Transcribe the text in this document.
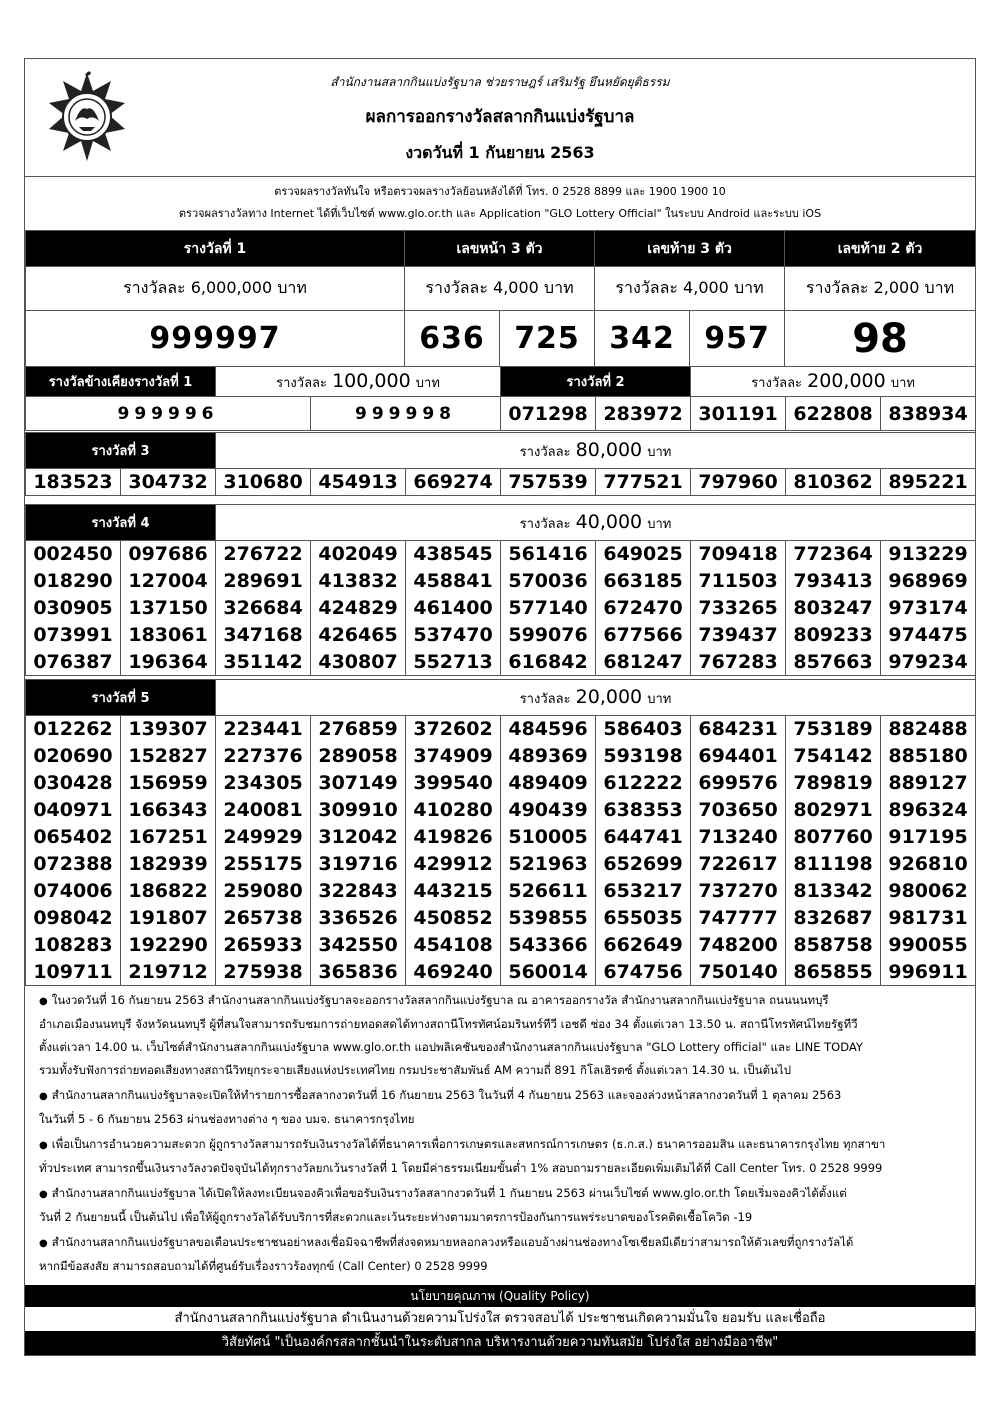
สำนักงานสลากกินแบ่งรัฐบาล ช่วยราษฎร์ เสริมรัฐ ยึนหยัดยุติธรรม
ผลการออกรางวัลสลากกินแบ่งรัฐบาล
งวดวันที่ 1 กันยายน 2563
ตรวจผลรางวัลทันใจ หรือตรวจผลรางวัลย้อนหลังได้ที่ โทร. 0 2528 8899 และ 1900 1900 10
ตรวจผลรางวัลทาง Internet ได้ที่เว็บไซต์ www.glo.or.th และ Application "GLO Lottery Official" ในระบบ Android และระบบ iOS
รางวัลที่ 1	เลขหน้า 3 ตัว		เลขท้าย 3 ตัว		เลขท้าย 2 ตัว
รางวัลละ 6,000,000 บาท	รางวัลละ 4,000 บาท		รางวัลละ 4,000 บาท		รางวัลละ 2,000 บาท
999997	636	725	342	957	98
รางวัลข้างเคียงรางวัลที่ 1	รางวัลละ 100,000 บาท		รางวัลที่ 2		รางวัลละ 200,000 บาท		
999996		999998	071298	283972	301191	622808	838934
รางวัลที่ 3		รางวัลละ 80,000 บาท							
183523	304732	310680	454913	669274	757539	777521	797960	810362	895221
รางวัลที่ 4		รางวัลละ 40,000 บาท							
002450	097686	276722	402049	438545	561416	649025	709418	772364	913229
018290	127004	289691	413832	458841	570036	663185	711503	793413	968969
030905	137150	326684	424829	461400	577140	672470	733265	803247	973174
073991	183061	347168	426465	537470	599076	677566	739437	809233	974475
076387	196364	351142	430807	552713	616842	681247	767283	857663	979234
รางวัลที่ 5		รางวัลละ 20,000 บาท							
012262	139307	223441	276859	372602	484596	586403	684231	753189	882488
020690	152827	227376	289058	374909	489369	593198	694401	754142	885180
030428	156959	234305	307149	399540	489409	612222	699576	789819	889127
040971	166343	240081	309910	410280	490439	638353	703650	802971	896324
065402	167251	249929	312042	419826	510005	644741	713240	807760	917195
072388	182939	255175	319716	429912	521963	652699	722617	811198	926810
074006	186822	259080	322843	443215	526611	653217	737270	813342	980062
098042	191807	265738	336526	450852	539855	655035	747777	832687	981731
108283	192290	265933	342550	454108	543366	662649	748200	858758	990055
109711	219712	275938	365836	469240	560014	674756	750140	865855	996911

● ในงวดวันที่ 16 กันยายน 2563 สำนักงานสลากกินแบ่งรัฐบาลจะออกรางวัลสลากกินแบ่งรัฐบาล ณ อาคารออกรางวัล สำนักงานสลากกินแบ่งรัฐบาล ถนนนนทบุรี
อำเภอเมืองนนทบุรี จังหวัดนนทบุรี ผู้ที่สนใจสามารถรับชมการถ่ายทอดสดได้ทางสถานีโทรทัศน์อมรินทร์ทีวี เอชดี ช่อง 34 ตั้งแต่เวลา 13.50 น. สถานีโทรทัศน์ไทยรัฐทีวี
ตั้งแต่เวลา 14.00 น. เว็บไซต์สำนักงานสลากกินแบ่งรัฐบาล www.glo.or.th แอปพลิเคชันของสำนักงานสลากกินแบ่งรัฐบาล "GLO Lottery official" และ LINE TODAY
รวมทั้งรับฟังการถ่ายทอดเสียงทางสถานีวิทยุกระจายเสียงแห่งประเทศไทย กรมประชาสัมพันธ์ AM ความถี่ 891 กิโลเฮิรตซ์ ตั้งแต่เวลา 14.30 น. เป็นต้นไป

● สำนักงานสลากกินแบ่งรัฐบาลจะเปิดให้ทำรายการซื้อสลากงวดวันที่ 16 กันยายน 2563 ในวันที่ 4 กันยายน 2563 และจองล่วงหน้าสลากงวดวันที่ 1 ตุลาคม 2563
ในวันที่ 5 - 6 กันยายน 2563 ผ่านช่องทางต่าง ๆ ของ บมจ. ธนาคารกรุงไทย

● เพื่อเป็นการอำนวยความสะดวก ผู้ถูกรางวัลสามารถรับเงินรางวัลได้ที่ธนาคารเพื่อการเกษตรและสหกรณ์การเกษตร (ธ.ก.ส.) ธนาคารออมสิน และธนาคารกรุงไทย ทุกสาขา
ทั่วประเทศ สามารถขึ้นเงินรางวัลงวดปัจจุบันได้ทุกรางวัลยกเว้นรางวัลที่ 1 โดยมีค่าธรรมเนียมขั้นต่ำ 1% สอบถามรายละเอียดเพิ่มเติมได้ที่ Call Center โทร. 0 2528 9999

● สำนักงานสลากกินแบ่งรัฐบาล ได้เปิดให้ลงทะเบียนจองคิวเพื่อขอรับเงินรางวัลสลากงวดวันที่ 1 กันยายน 2563 ผ่านเว็บไซต์ www.glo.or.th โดยเริ่มจองคิวได้ตั้งแต่
วันที่ 2 กันยายนนี้ เป็นต้นไป เพื่อให้ผู้ถูกรางวัลได้รับบริการที่สะดวกและเว้นระยะห่างตามมาตรการป้องกันการแพร่ระบาดของโรคติดเชื้อโควิด -19

● สำนักงานสลากกินแบ่งรัฐบาลขอเตือนประชาชนอย่าหลงเชื่อมิจฉาชีพที่ส่งจดหมายหลอกลวงหรือแอบอ้างผ่านช่องทางโซเชียลมีเดียว่าสามารถให้ตัวเลขที่ถูกรางวัลได้
หากมีข้อสงสัย สามารถสอบถามได้ที่ศูนย์รับเรื่องราวร้องทุกข์ (Call Center) 0 2528 9999

นโยบายคุณภาพ (Quality Policy)
สำนักงานสลากกินแบ่งรัฐบาล ดำเนินงานด้วยความโปร่งใส ตรวจสอบได้ ประชาชนเกิดความมั่นใจ ยอมรับ และเชื่อถือ
วิสัยทัศน์ "เป็นองค์กรสลากชั้นนำในระดับสากล บริหารงานด้วยความทันสมัย โปร่งใส อย่างมืออาชีพ"
